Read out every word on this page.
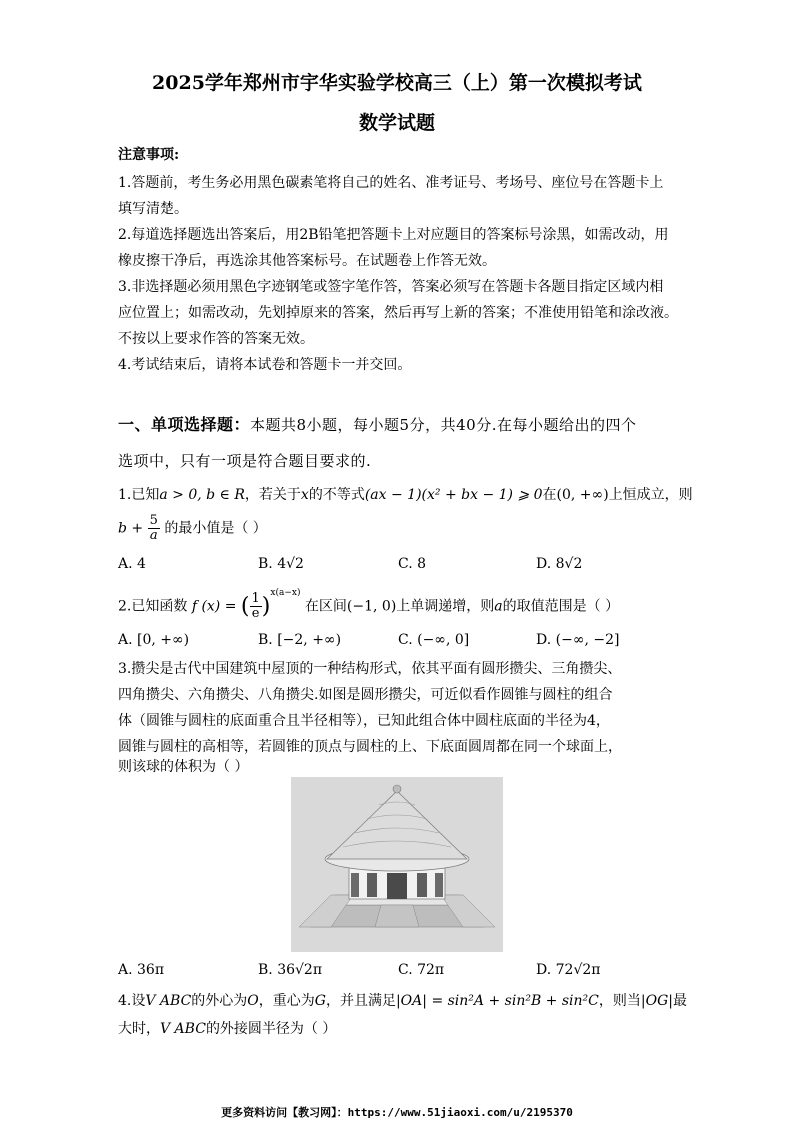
2025学年郑州市宇华实验学校高三（上）第一次模拟考试
数学试题
注意事项:
1.答题前，考生务必用黑色碳素笔将自己的姓名、准考证号、考场号、座位号在答题卡上
填写清楚。
2.每道选择题选出答案后，用2B铅笔把答题卡上对应题目的答案标号涂黑，如需改动，用
橡皮擦干净后，再选涂其他答案标号。在试题卷上作答无效。
3.非选择题必须用黑色字迹钢笔或签字笔作答，答案必须写在答题卡各题目指定区域内相
应位置上；如需改动，先划掉原来的答案，然后再写上新的答案；不准使用铅笔和涂改液。
不按以上要求作答的答案无效。
4.考试结束后，请将本试卷和答题卡一并交回。
一、单项选择题：本题共8小题，每小题5分，共40分.在每小题给出的四个
选项中，只有一项是符合题目要求的.
1.已知a > 0, b ∈ R，若关于x的不等式(ax − 1)(x² + bx − 1) ⩾ 0在(0, +∞)上恒成立，则
$b + \frac{5}{a}$ 的最小值是（ ）
A. 4	B. 4√2	C. 8	D. 8√2
2.已知函数 f (x) = ( $\frac{1}{e} )^{x(a-x)}$ 在区间(−1, 0)上单调递增，则a的取值范围是（ ）
A. [0, +∞)	B. [−2, +∞)	C. (−∞, 0]	D. (−∞, −2]
3.攒尖是古代中国建筑中屋顶的一种结构形式，依其平面有圆形攒尖、三角攒尖、
四角攒尖、六角攒尖、八角攒尖.如图是圆形攒尖，可近似看作圆锥与圆柱的组合
体（圆锥与圆柱的底面重合且半径相等），已知此组合体中圆柱底面的半径为4，
圆锥与圆柱的高相等，若圆锥的顶点与圆柱的上、下底面圆周都在同一个球面上，
则该球的体积为（ ）
A. 36π	B. 36√2π	C. 72π	D. 72√2π
4.设V ABC的外心为O，重心为G，并且满足|OA| = sin²A + sin²B + sin²C，则当|OG|最
大时，V ABC的外接圆半径为（ ）
更多资料访问【教习网】：https://www.51jiaoxi.com/u/2195370
